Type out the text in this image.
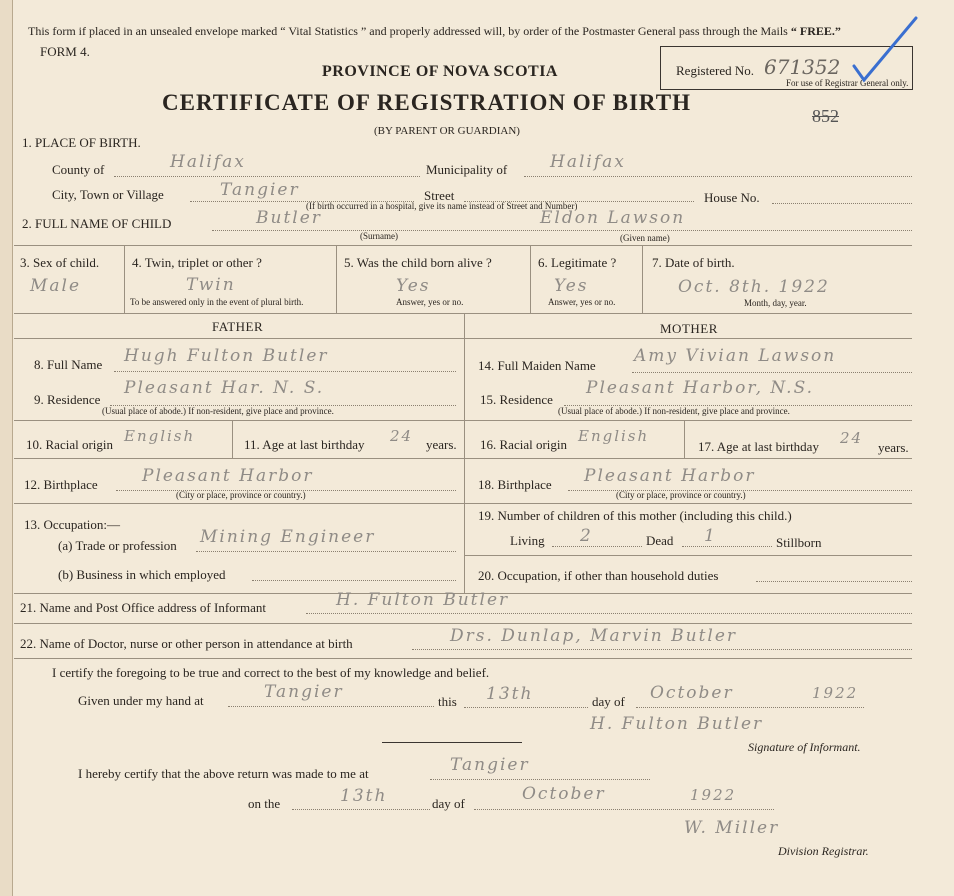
This form if placed in an unsealed envelope marked “ Vital Statistics ” and properly addressed will, by order of the Postmaster General pass through the Mails “ FREE.”
FORM 4.
PROVINCE OF NOVA SCOTIA
CERTIFICATE OF REGISTRATION OF BIRTH
(BY PARENT OR GUARDIAN)
Registered No. 671352
For use of Registrar General only.
852
1. PLACE OF BIRTH.
County of	Halifax	Municipality of	Halifax
City, Town or Village	Tangier	Street
(If birth occurred in a hospital, give its name instead of Street and Number)
House No.
2. FULL NAME OF CHILD	Butler	Eldon Lawson
(Surname)	(Given name)
3. Sex of child.
Male
4. Twin, triplet or other ?
Twin
To be answered only in the event of plural birth.
5. Was the child born alive ?
Yes
Answer, yes or no.
6. Legitimate ?
Yes
Answer, yes or no.
7. Date of birth.
Oct. 8th. 1922
Month, day, year.
FATHER	MOTHER
8. Full Name Hugh Fulton Butler
9. Residence
Pleasant Har. N. S.
(Usual place of abode.) If non-resident, give place and province.
10. Racial origin English	11. Age at last birthday 24 years.
12. Birthplace	Pleasant Harbor
(City or place, province or country.)
13. Occupation:—
(a) Trade or profession Mining Engineer
(b) Business in which employed
14. Full Maiden Name Amy Vivian Lawson
15. Residence
Pleasant Harbor, N.S.
(Usual place of abode.) If non-resident, give place and province.
16. Racial origin English
17. Age at last birthday 24
years.
18. Birthplace Pleasant Harbor
(City or place, province or country.)
19. Number of children of this mother (including this child.)
Living 2	Dead 1	Stillborn
20. Occupation, if other than household duties
21. Name and Post Office address of Informant	H. Fulton Butler
22. Name of Doctor, nurse or other person in attendance at birth	Drs. Dunlap, Marvin Butler
I certify the foregoing to be true and correct to the best of my knowledge and belief.
Given under my hand at	Tangier	this 13th	day of October	1922
H. Fulton Butler
Signature of Informant.
I hereby certify that the above return was made to me at	Tangier
on the	13th	day of	October	1922
W. Miller
Division Registrar.
